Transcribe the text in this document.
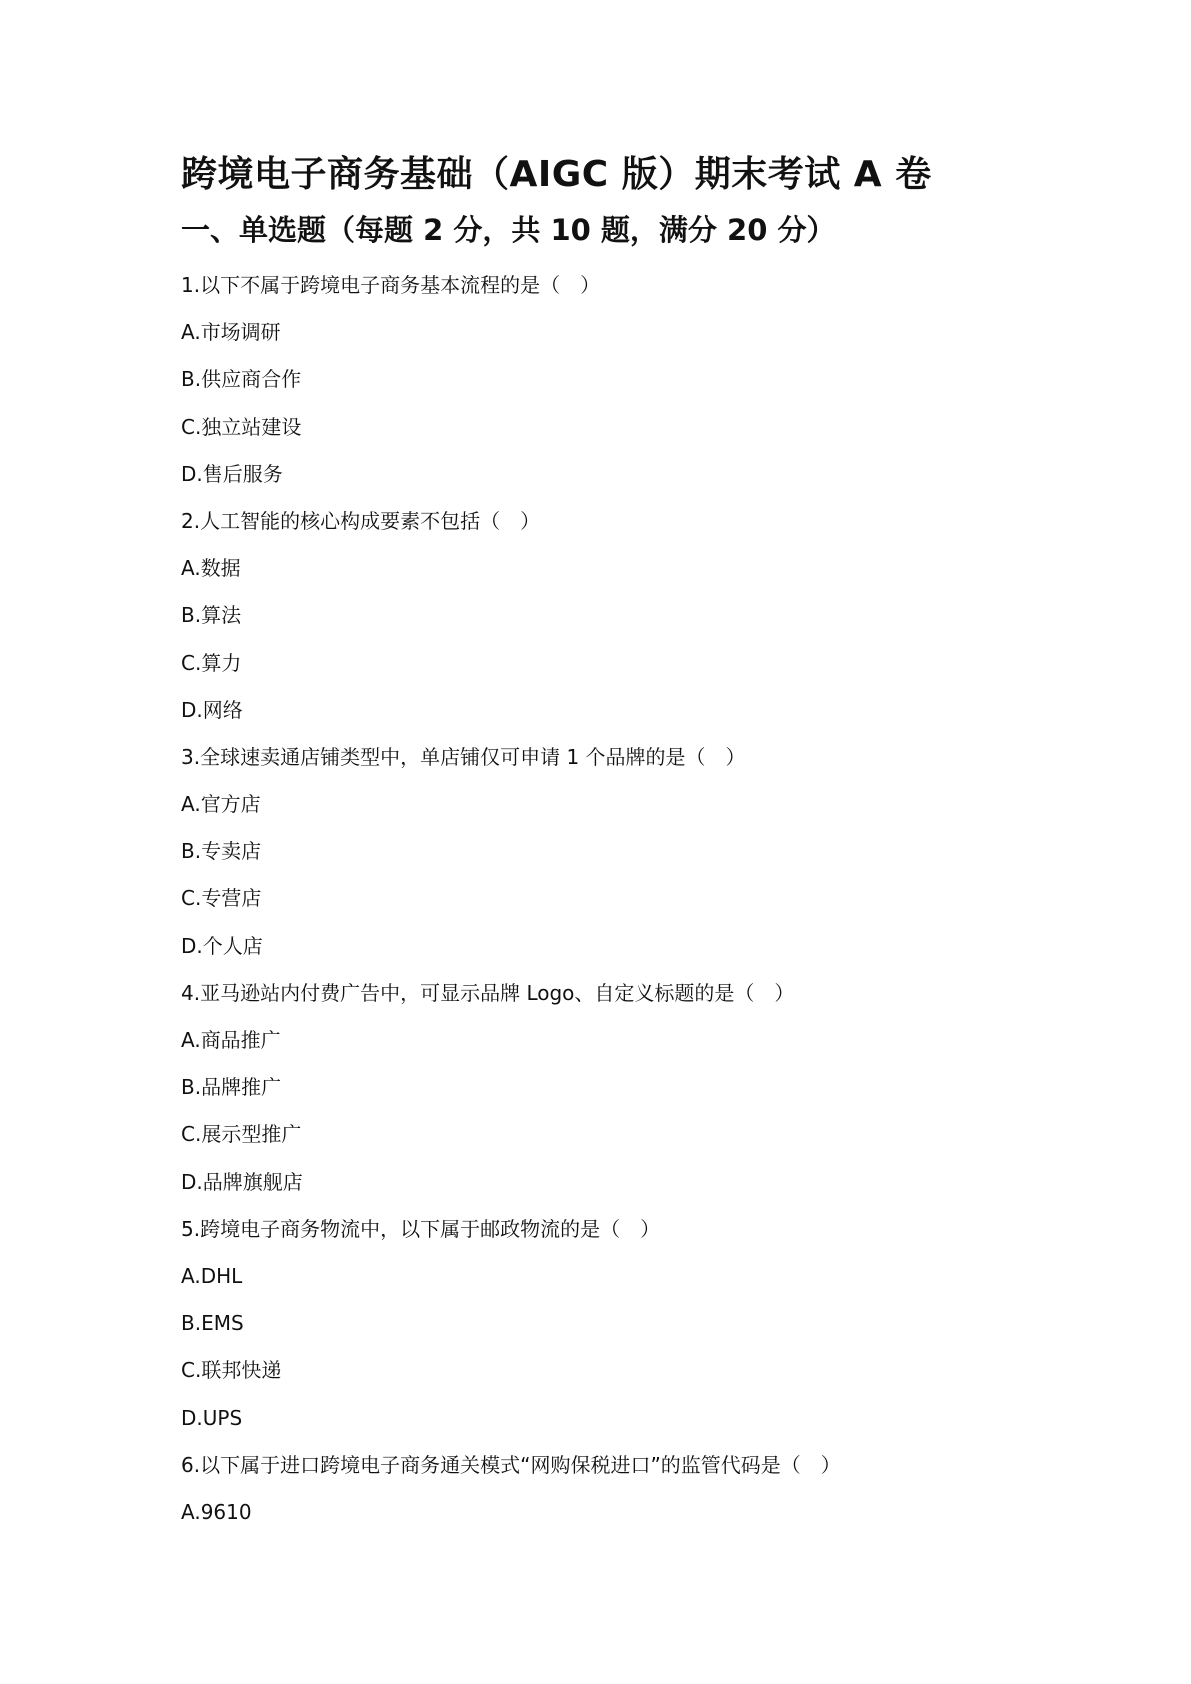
跨境电子商务基础（AIGC 版）期末考试 A 卷
一、单选题（每题 2 分，共 10 题，满分 20 分）
1.以下不属于跨境电子商务基本流程的是（　）
A.市场调研
B.供应商合作
C.独立站建设
D.售后服务
2.人工智能的核心构成要素不包括（　）
A.数据
B.算法
C.算力
D.网络
3.全球速卖通店铺类型中，单店铺仅可申请 1 个品牌的是（　）
A.官方店
B.专卖店
C.专营店
D.个人店
4.亚马逊站内付费广告中，可显示品牌 Logo、自定义标题的是（　）
A.商品推广
B.品牌推广
C.展示型推广
D.品牌旗舰店
5.跨境电子商务物流中，以下属于邮政物流的是（　）
A.DHL
B.EMS
C.联邦快递
D.UPS
6.以下属于进口跨境电子商务通关模式“网购保税进口”的监管代码是（　）
A.9610
